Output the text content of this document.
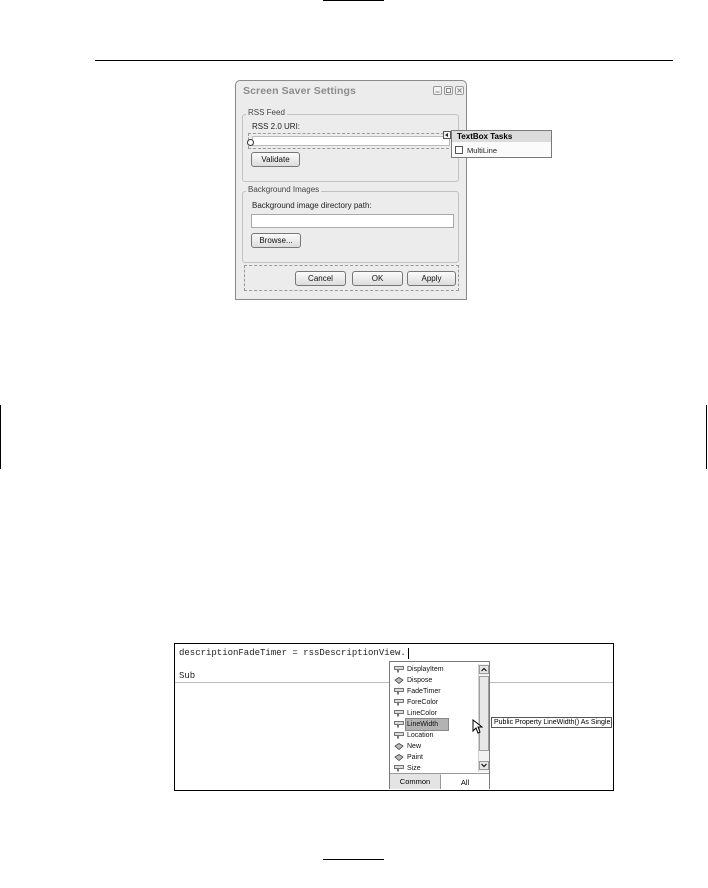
Screen Saver Settings
RSS Feed
RSS 2.0 URI:
Validate
Background Images
Background image directory path:
Browse...
Cancel	OK	Apply
TextBox Tasks
MultiLine
descriptionFadeTimer = rssDescriptionView.
Sub
DisplayItem
Dispose
FadeTimer
ForeColor
LineColor
LineWidth
Location
New
Paint
Size
Common	All
Public Property LineWidth() As Single
